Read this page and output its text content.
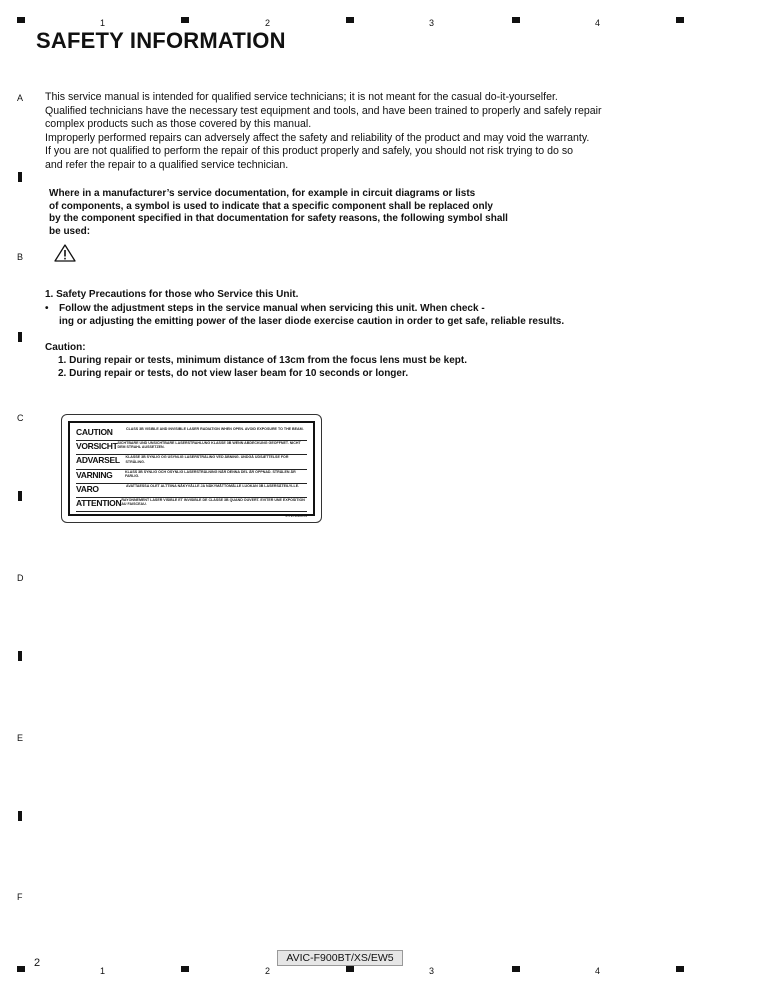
1	2	3	4
1	2	3	4
A
B
C
D
E
F
SAFETY INFORMATION
This service manual is intended for qualified service technicians; it is not meant for the casual do-it-yourselfer.
Qualified technicians have the necessary test equipment and tools, and have been trained to properly and safely repair
complex products such as those covered by this manual.
Improperly performed repairs can adversely affect the safety and reliability of the product and may void the warranty.
If you are not qualified to perform the repair of this product properly and safely, you should not risk trying to do so
and refer the repair to a qualified service technician.
Where in a manufacturer’s service documentation, for example in circuit diagrams or lists
of components, a symbol is used to indicate that a specific component shall be replaced only
by the component specified in that documentation for safety reasons, the following symbol shall
be used:
1. Safety Precautions for those who Service this Unit.
•	Follow the adjustment steps in the service manual when servicing this unit. When check -
ing or adjusting the emitting power of the laser diode exercise caution in order to get safe, reliable results.
Caution:
1. During repair or tests, minimum distance of 13cm from the focus lens must be kept.
2. During repair or tests, do not view laser beam for 10 seconds or longer.
CAUTION	CLASS 3B VISIBLE AND INVISIBLE LASER RADIATION WHEN OPEN. AVOID EXPOSURE TO THE BEAM.
VORSICHT SICHTBARE UND UNSICHTBARE LASERSTRAHLUNG KLASSE 3B WENN ABDECKUNG GEÖFFNET. NICHT DEM STRAHL AUSSETZEN.
ADVARSEL	KLASSE 3B SYNLIG OG USYNLIG LASERSTRÅLING VED ÅBNING. UNDGÅ UDSÆTTELSE FOR STRÅLING.
VARNING	KLASS 3B SYNLIG OCH OSYNLIG LASERSTRÅLNING NÄR DENNA DEL ÄR ÖPPNAD. STRÅLEN ÄR FARLIG.
VARO	AVATTAESSA OLET ALTTIINA NÄKYVÄLLE JA NÄKYMÄTTÖMÄLLE LUOKAN 3B LASERSÄTEILYLLE.
ATTENTION RAYONNEMENT LASER VISIBLE ET INVISIBLE DE CLASSE 3B QUAND OUVERT. EVITER UNE EXPOSITION AU FAISCEAU.
VRW1880-A
2	AVIC-F900BT/XS/EW5
